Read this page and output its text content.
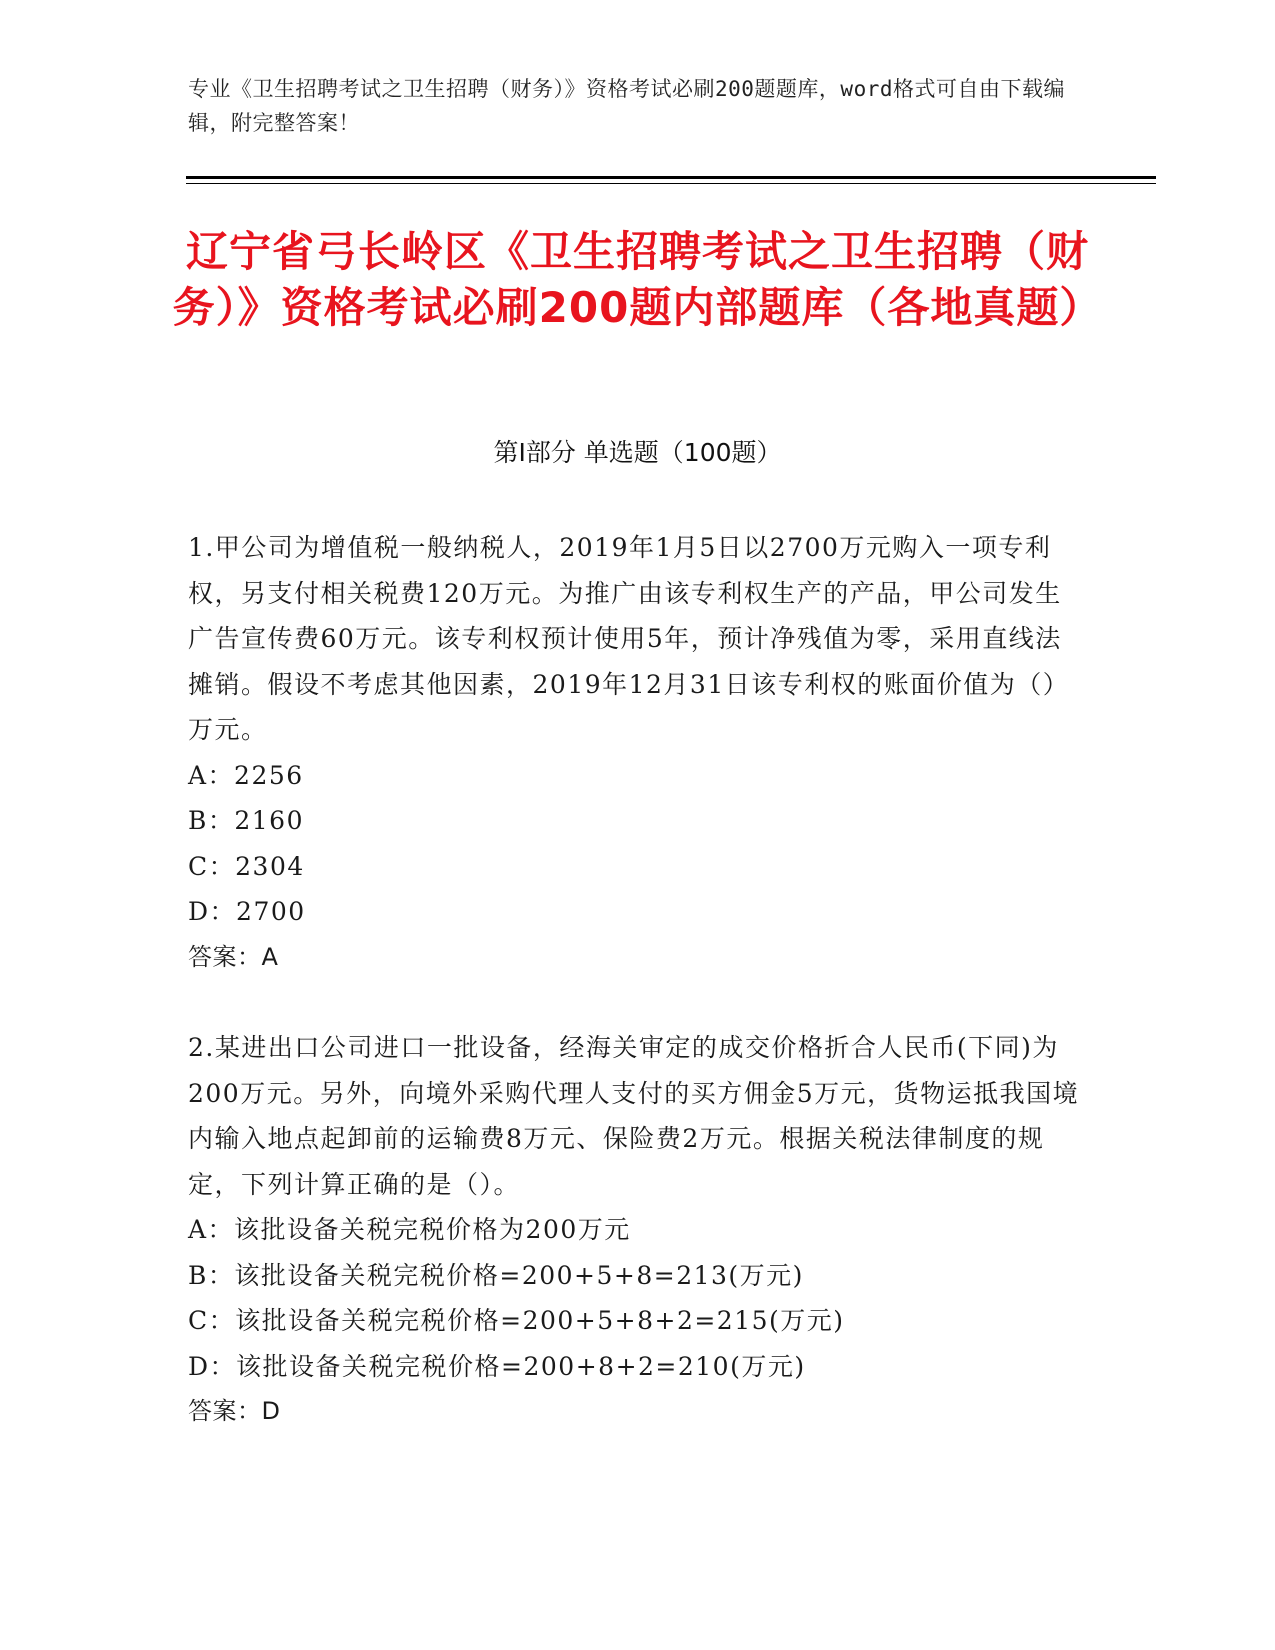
专业《卫生招聘考试之卫生招聘（财务）》资格考试必刷200题题库，word格式可自由下载编辑，附完整答案！
辽宁省弓长岭区《卫生招聘考试之卫生招聘（财务）》资格考试必刷200题内部题库（各地真题）
第Ⅰ部分 单选题（100题）

1.甲公司为增值税一般纳税人，2019年1月5日以2700万元购入一项专利权，另支付相关税费120万元。为推广由该专利权生产的产品，甲公司发生广告宣传费60万元。该专利权预计使用5年，预计净残值为零，采用直线法摊销。假设不考虑其他因素，2019年12月31日该专利权的账面价值为（）万元。

A：2256

B：2160

C：2304

D：2700

答案：A

2.某进出口公司进口一批设备，经海关审定的成交价格折合人民币(下同)为200万元。另外，向境外采购代理人支付的买方佣金5万元，货物运抵我国境内输入地点起卸前的运输费8万元、保险费2万元。根据关税法律制度的规定，下列计算正确的是（）。

A：该批设备关税完税价格为200万元

B：该批设备关税完税价格=200+5+8=213(万元)

C：该批设备关税完税价格=200+5+8+2=215(万元)

D：该批设备关税完税价格=200+8+2=210(万元)

答案：D
